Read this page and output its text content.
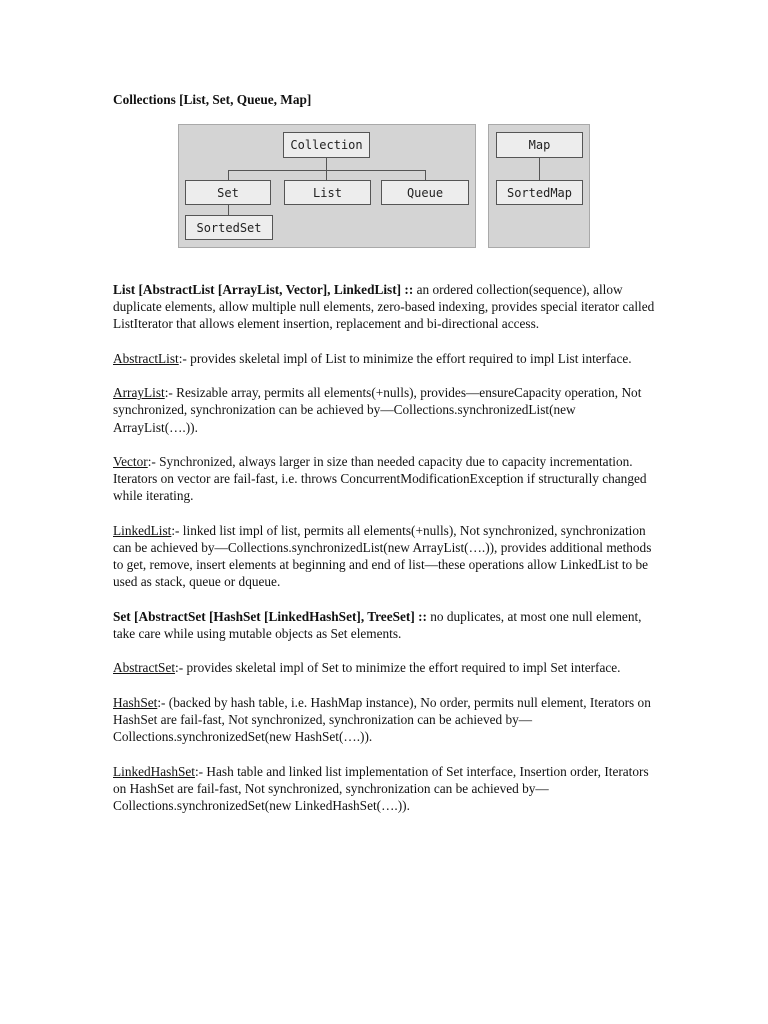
Collections [List, Set, Queue, Map]
Collection
Set	List	Queue
SortedSet
Map
SortedMap

List [AbstractList [ArrayList, Vector], LinkedList] :: an ordered collection(sequence), allow duplicate elements, allow multiple null elements, zero-based indexing, provides special iterator called ListIterator that allows element insertion, replacement and bi-directional access.

AbstractList:- provides skeletal impl of List to minimize the effort required to impl List interface.

ArrayList:- Resizable array, permits all elements(+nulls), provides—ensureCapacity operation, Not synchronized, synchronization can be achieved by—Collections.synchronizedList(new ArrayList(….)).

Vector:- Synchronized, always larger in size than needed capacity due to capacity incrementation. Iterators on vector are fail-fast, i.e. throws ConcurrentModificationException if structurally changed while iterating.

LinkedList:- linked list impl of list, permits all elements(+nulls), Not synchronized, synchronization can be achieved by—Collections.synchronizedList(new ArrayList(….)), provides additional methods to get, remove, insert elements at beginning and end of list—these operations allow LinkedList to be used as stack, queue or dqueue.

Set [AbstractSet [HashSet [LinkedHashSet], TreeSet] :: no duplicates, at most one null element, take care while using mutable objects as Set elements.

AbstractSet:- provides skeletal impl of Set to minimize the effort required to impl Set interface.

HashSet:- (backed by hash table, i.e. HashMap instance), No order, permits null element, Iterators on HashSet are fail-fast, Not synchronized, synchronization can be achieved by—Collections.synchronizedSet(new HashSet(….)).

LinkedHashSet:- Hash table and linked list implementation of Set interface, Insertion order, Iterators on HashSet are fail-fast, Not synchronized, synchronization can be achieved by—Collections.synchronizedSet(new LinkedHashSet(….)).
